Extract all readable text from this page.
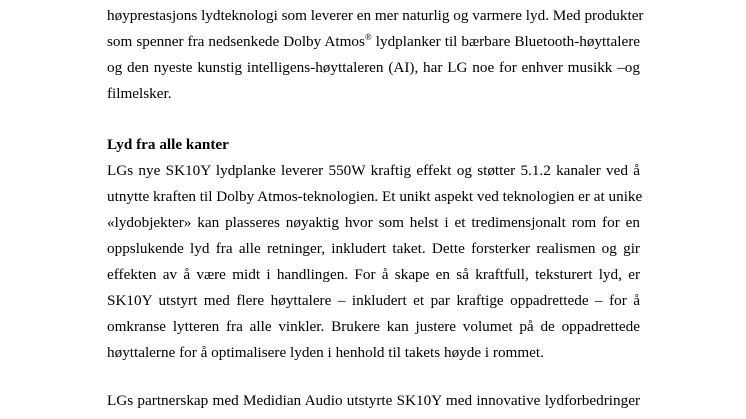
høyprestasjons lydteknologi som leverer en mer naturlig og varmere lyd. Med produkter
som spenner fra nedsenkede Dolby Atmos® lydplanker til bærbare Bluetooth-høyttalere
og den nyeste kunstig intelligens-høyttaleren (AI), har LG noe for enhver musikk –og
filmelsker.
Lyd fra alle kanter
LGs nye SK10Y lydplanke leverer 550W kraftig effekt og støtter 5.1.2 kanaler ved å
utnytte kraften til Dolby Atmos-teknologien. Et unikt aspekt ved teknologien er at unike
«lydobjekter» kan plasseres nøyaktig hvor som helst i et tredimensjonalt rom for en
oppslukende lyd fra alle retninger, inkludert taket. Dette forsterker realismen og gir
effekten av å være midt i handlingen. For å skape en så kraftfull, teksturert lyd, er
SK10Y utstyrt med flere høyttalere – inkludert et par kraftige oppadrettede – for å
omkranse lytteren fra alle vinkler. Brukere kan justere volumet på de oppadrettede
høyttalerne for å optimalisere lyden i henhold til takets høyde i rommet.
LGs partnerskap med Medidian Audio utstyrte SK10Y med innovative lydforbedringer
